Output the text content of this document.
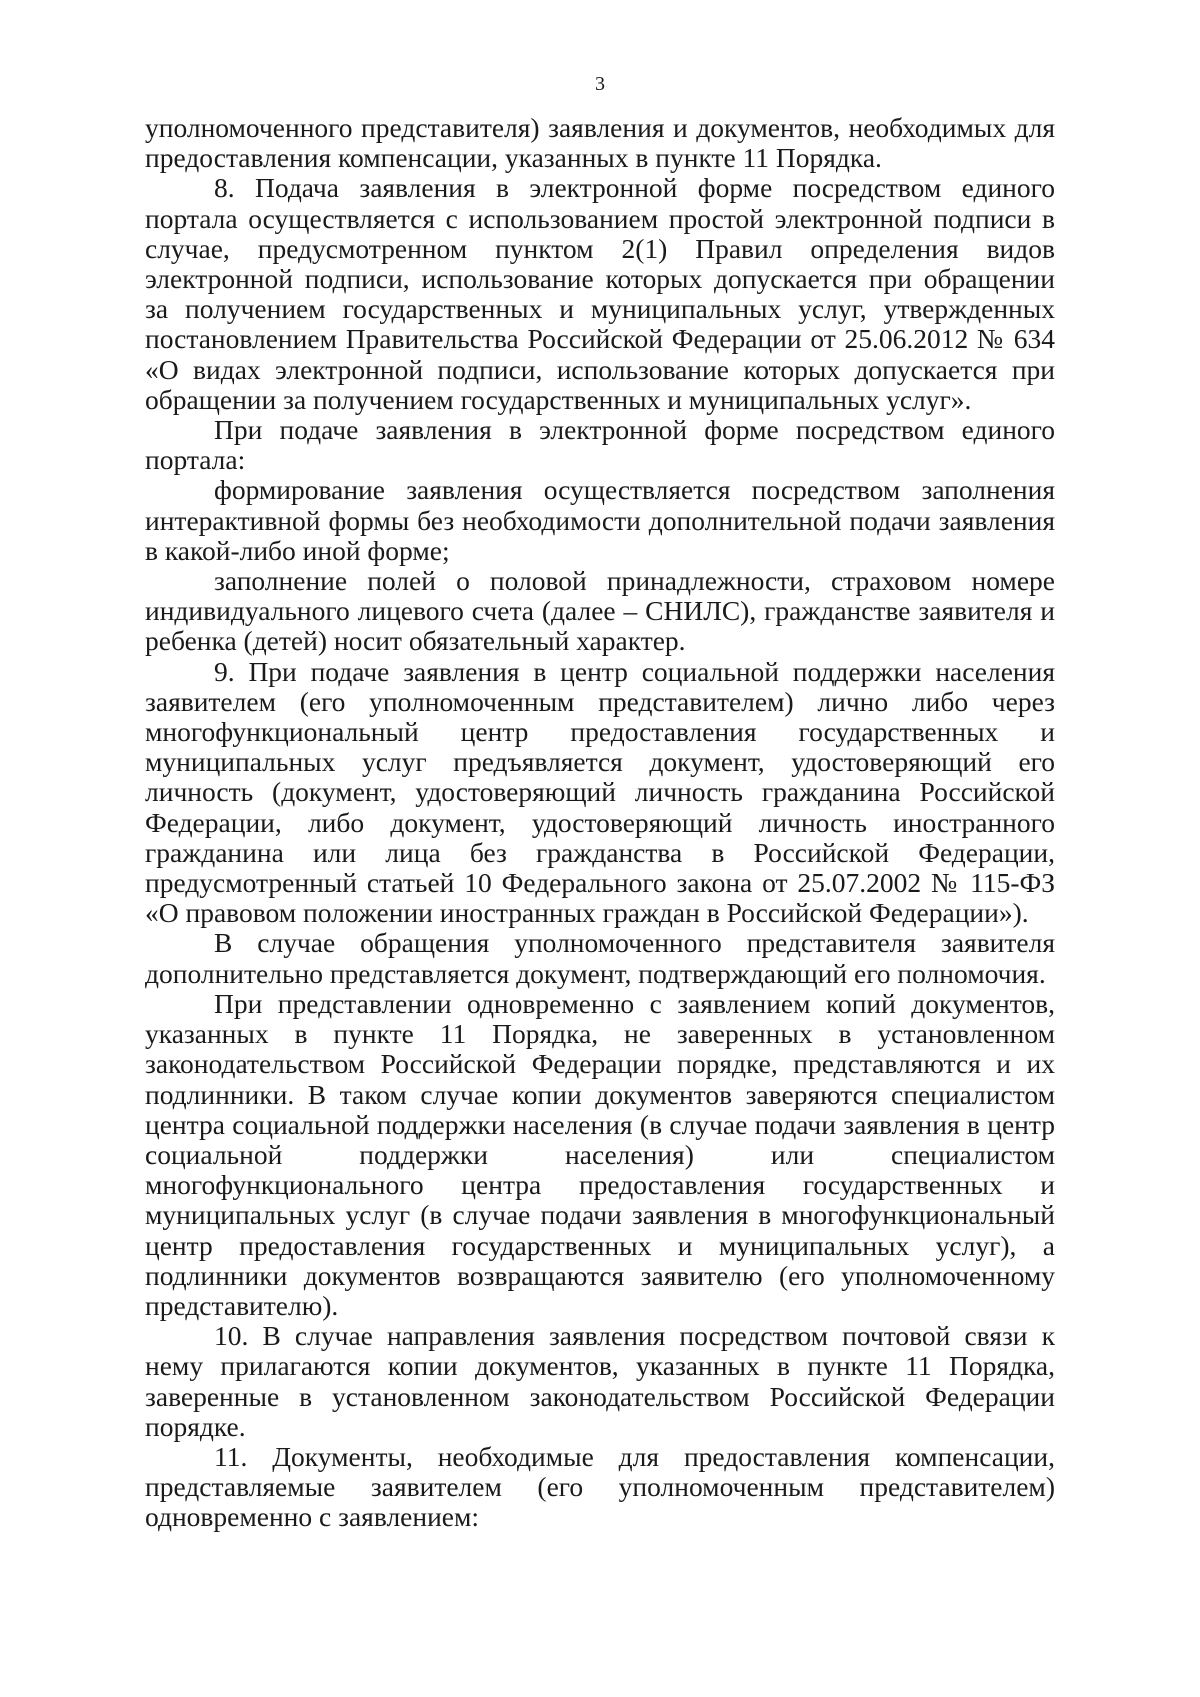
3

уполномоченного представителя) заявления и документов, необходимых для предоставления компенсации, указанных в пункте 11 Порядка.

8. Подача заявления в электронной форме посредством единого портала осуществляется с использованием простой электронной подписи в случае, предусмотренном пунктом 2(1) Правил определения видов электронной подписи, использование которых допускается при обращении за получением государственных и муниципальных услуг, утвержденных постановлением Правительства Российской Федерации от 25.06.2012 № 634 «О видах электронной подписи, использование которых допускается при обращении за получением государственных и муниципальных услуг».

При подаче заявления в электронной форме посредством единого портала:

формирование заявления осуществляется посредством заполнения интерактивной формы без необходимости дополнительной подачи заявления в какой-либо иной форме;

заполнение полей о половой принадлежности, страховом номере индивидуального лицевого счета (далее – СНИЛС), гражданстве заявителя и ребенка (детей) носит обязательный характер.

9. При подаче заявления в центр социальной поддержки населения заявителем (его уполномоченным представителем) лично либо через многофункциональный центр предоставления государственных и муниципальных услуг предъявляется документ, удостоверяющий его личность (документ, удостоверяющий личность гражданина Российской Федерации, либо документ, удостоверяющий личность иностранного гражданина или лица без гражданства в Российской Федерации, предусмотренный статьей 10 Федерального закона от 25.07.2002 № 115-ФЗ «О правовом положении иностранных граждан в Российской Федерации»).

В случае обращения уполномоченного представителя заявителя дополнительно представляется документ, подтверждающий его полномочия.

При представлении одновременно с заявлением копий документов, указанных в пункте 11 Порядка, не заверенных в установленном законодательством Российской Федерации порядке, представляются и их подлинники. В таком случае копии документов заверяются специалистом центра социальной поддержки населения (в случае подачи заявления в центр социальной поддержки населения) или специалистом многофункционального центра предоставления государственных и муниципальных услуг (в случае подачи заявления в многофункциональный центр предоставления государственных и муниципальных услуг), а подлинники документов возвращаются заявителю (его уполномоченному представителю).

10. В случае направления заявления посредством почтовой связи к нему прилагаются копии документов, указанных в пункте 11 Порядка, заверенные в установленном законодательством Российской Федерации порядке.

11. Документы, необходимые для предоставления компенсации, представляемые заявителем (его уполномоченным представителем) одновременно с заявлением:
